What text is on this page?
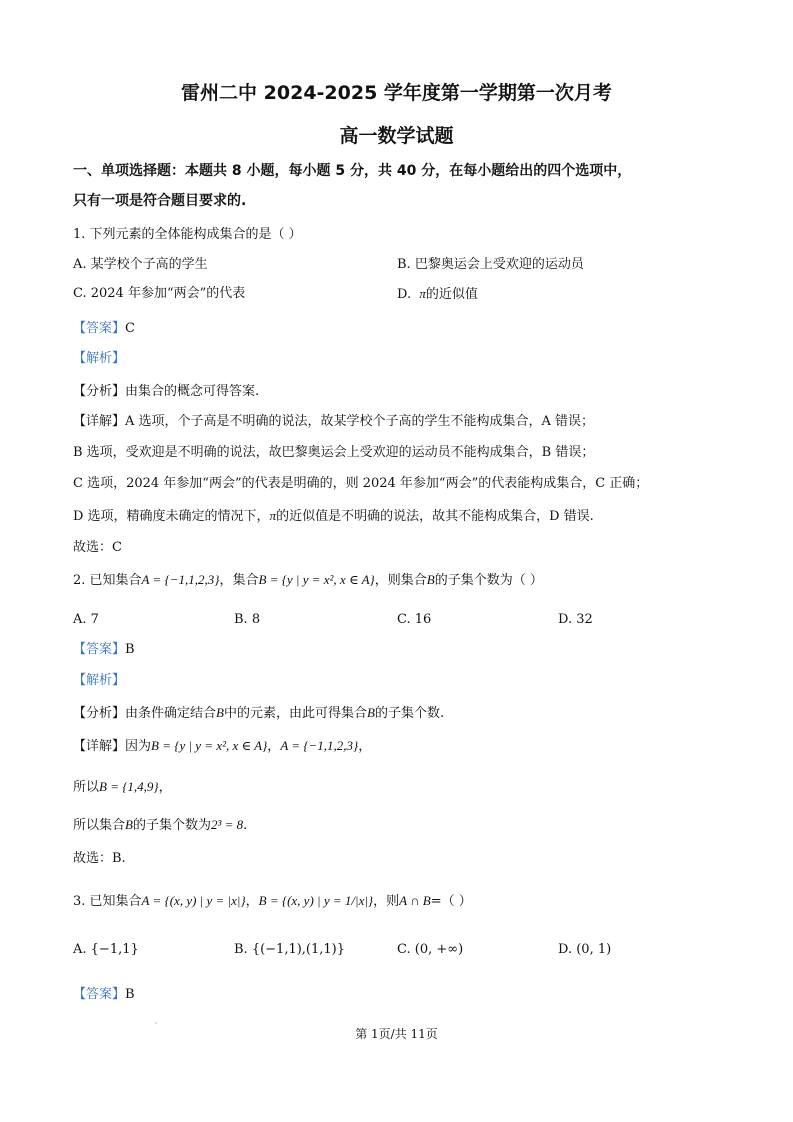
雷州二中 2024-2025 学年度第一学期第一次月考
高一数学试题
一、单项选择题：本题共 8 小题，每小题 5 分，共 40 分，在每小题给出的四个选项中，
只有一项是符合题目要求的.
1. 下列元素的全体能构成集合的是（ ）
A. 某学校个子高的学生	B. 巴黎奥运会上受欢迎的运动员
C. 2024 年参加“两会”的代表	D. π的近似值
【答案】C
【解析】
【分析】由集合的概念可得答案.
【详解】A 选项，个子高是不明确的说法，故某学校个子高的学生不能构成集合，A 错误；
B 选项，受欢迎是不明确的说法，故巴黎奥运会上受欢迎的运动员不能构成集合，B 错误；
C 选项，2024 年参加“两会”的代表是明确的，则 2024 年参加“两会”的代表能构成集合，C 正确；
D 选项，精确度未确定的情况下，π的近似值是不明确的说法，故其不能构成集合，D 错误.
故选：C
2. 已知集合A = {−1,1,2,3}，集合B = {y | y = x², x ∈ A}，则集合B的子集个数为（ ）
A. 7	B. 8	C. 16	D. 32
【答案】B
【解析】
【分析】由条件确定结合B中的元素，由此可得集合B的子集个数.
【详解】因为B = {y | y = x², x ∈ A}，A = {−1,1,2,3}，
所以B = {1,4,9}，
所以集合B的子集个数为2³ = 8.
故选：B.
3. 已知集合A = {(x, y) | y = |x|}，B = {(x, y) | y = 1/|x|}，则A ∩ B=（ ）
A. {−1,1}	B. {(−1,1),(1,1)}	C. (0, +∞)	D. (0, 1)
【答案】B
第 1页/共 11页
